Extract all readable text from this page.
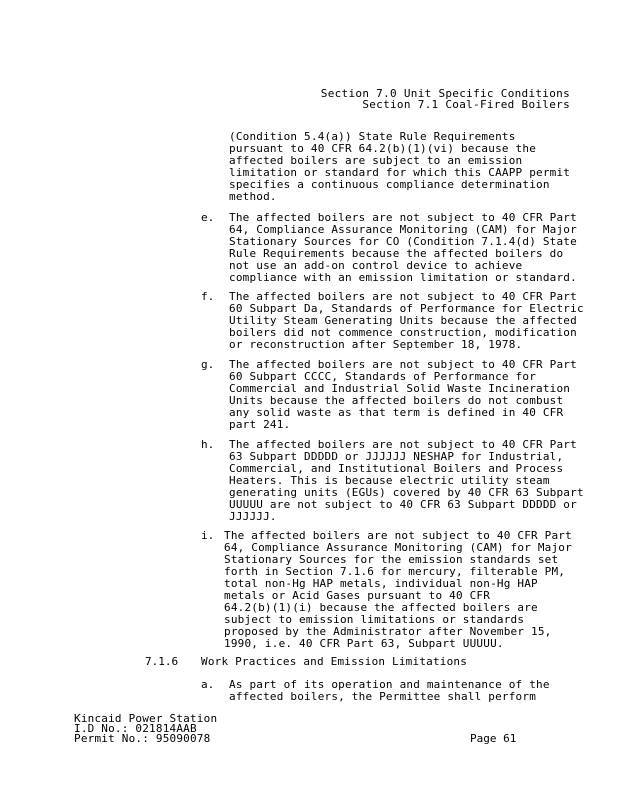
Section 7.0 Unit Specific Conditions
Section 7.1 Coal-Fired Boilers
(Condition 5.4(a)) State Rule Requirements
pursuant to 40 CFR 64.2(b)(1)(vi) because the
affected boilers are subject to an emission
limitation or standard for which this CAAPP permit
specifies a continuous compliance determination
method.
e. The affected boilers are not subject to 40 CFR Part
64, Compliance Assurance Monitoring (CAM) for Major
Stationary Sources for CO (Condition 7.1.4(d) State
Rule Requirements because the affected boilers do
not use an add-on control device to achieve
compliance with an emission limitation or standard.
f. The affected boilers are not subject to 40 CFR Part
60 Subpart Da, Standards of Performance for Electric
Utility Steam Generating Units because the affected
boilers did not commence construction, modification
or reconstruction after September 18, 1978.
g. The affected boilers are not subject to 40 CFR Part
60 Subpart CCCC, Standards of Performance for
Commercial and Industrial Solid Waste Incineration
Units because the affected boilers do not combust
any solid waste as that term is defined in 40 CFR
part 241.
h. The affected boilers are not subject to 40 CFR Part
63 Subpart DDDDD or JJJJJJ NESHAP for Industrial,
Commercial, and Institutional Boilers and Process
Heaters. This is because electric utility steam
generating units (EGUs) covered by 40 CFR 63 Subpart
UUUUU are not subject to 40 CFR 63 Subpart DDDDD or
JJJJJJ.
i. The affected boilers are not subject to 40 CFR Part
64, Compliance Assurance Monitoring (CAM) for Major
Stationary Sources for the emission standards set
forth in Section 7.1.6 for mercury, filterable PM,
total non-Hg HAP metals, individual non-Hg HAP
metals or Acid Gases pursuant to 40 CFR
64.2(b)(1)(i) because the affected boilers are
subject to emission limitations or standards
proposed by the Administrator after November 15,
1990, i.e. 40 CFR Part 63, Subpart UUUUU.
7.1.6 Work Practices and Emission Limitations
a. As part of its operation and maintenance of the
affected boilers, the Permittee shall perform
Kincaid Power Station
I.D No.: 021814AAB
Permit No.: 95090078	Page 61
